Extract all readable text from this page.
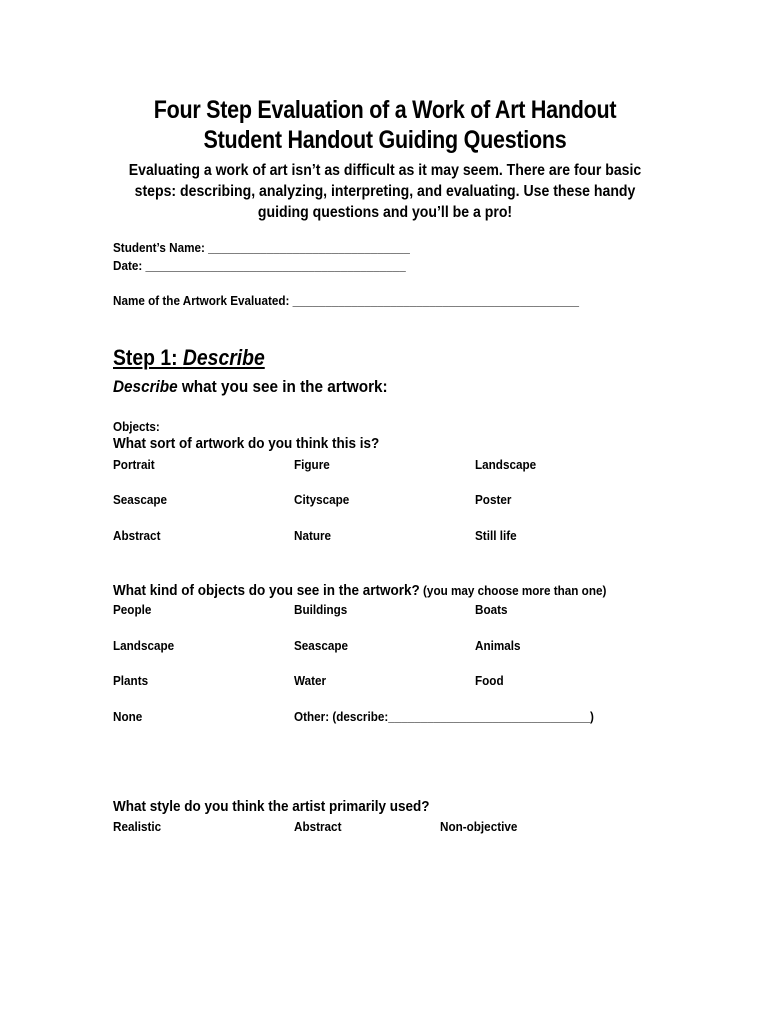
Four Step Evaluation of a Work of Art Handout
Student Handout Guiding Questions
Evaluating a work of art isn’t as difficult as it may seem. There are four basic
steps: describing, analyzing, interpreting, and evaluating. Use these handy
guiding questions and you’ll be a pro!
Student’s Name: _______________________________
Date: ________________________________________
Name of the Artwork Evaluated: ____________________________________________
Step 1: Describe
Describe what you see in the artwork:
Objects:
What sort of artwork do you think this is?
Portrait	Figure	Landscape
Seascape	Cityscape	Poster
Abstract	Nature	Still life
What kind of objects do you see in the artwork? (you may choose more than one)
People	Buildings	Boats
Landscape	Seascape	Animals
Plants	Water	Food
None	Other: (describe:_______________________________)
What style do you think the artist primarily used?
Realistic	Abstract	Non-objective
